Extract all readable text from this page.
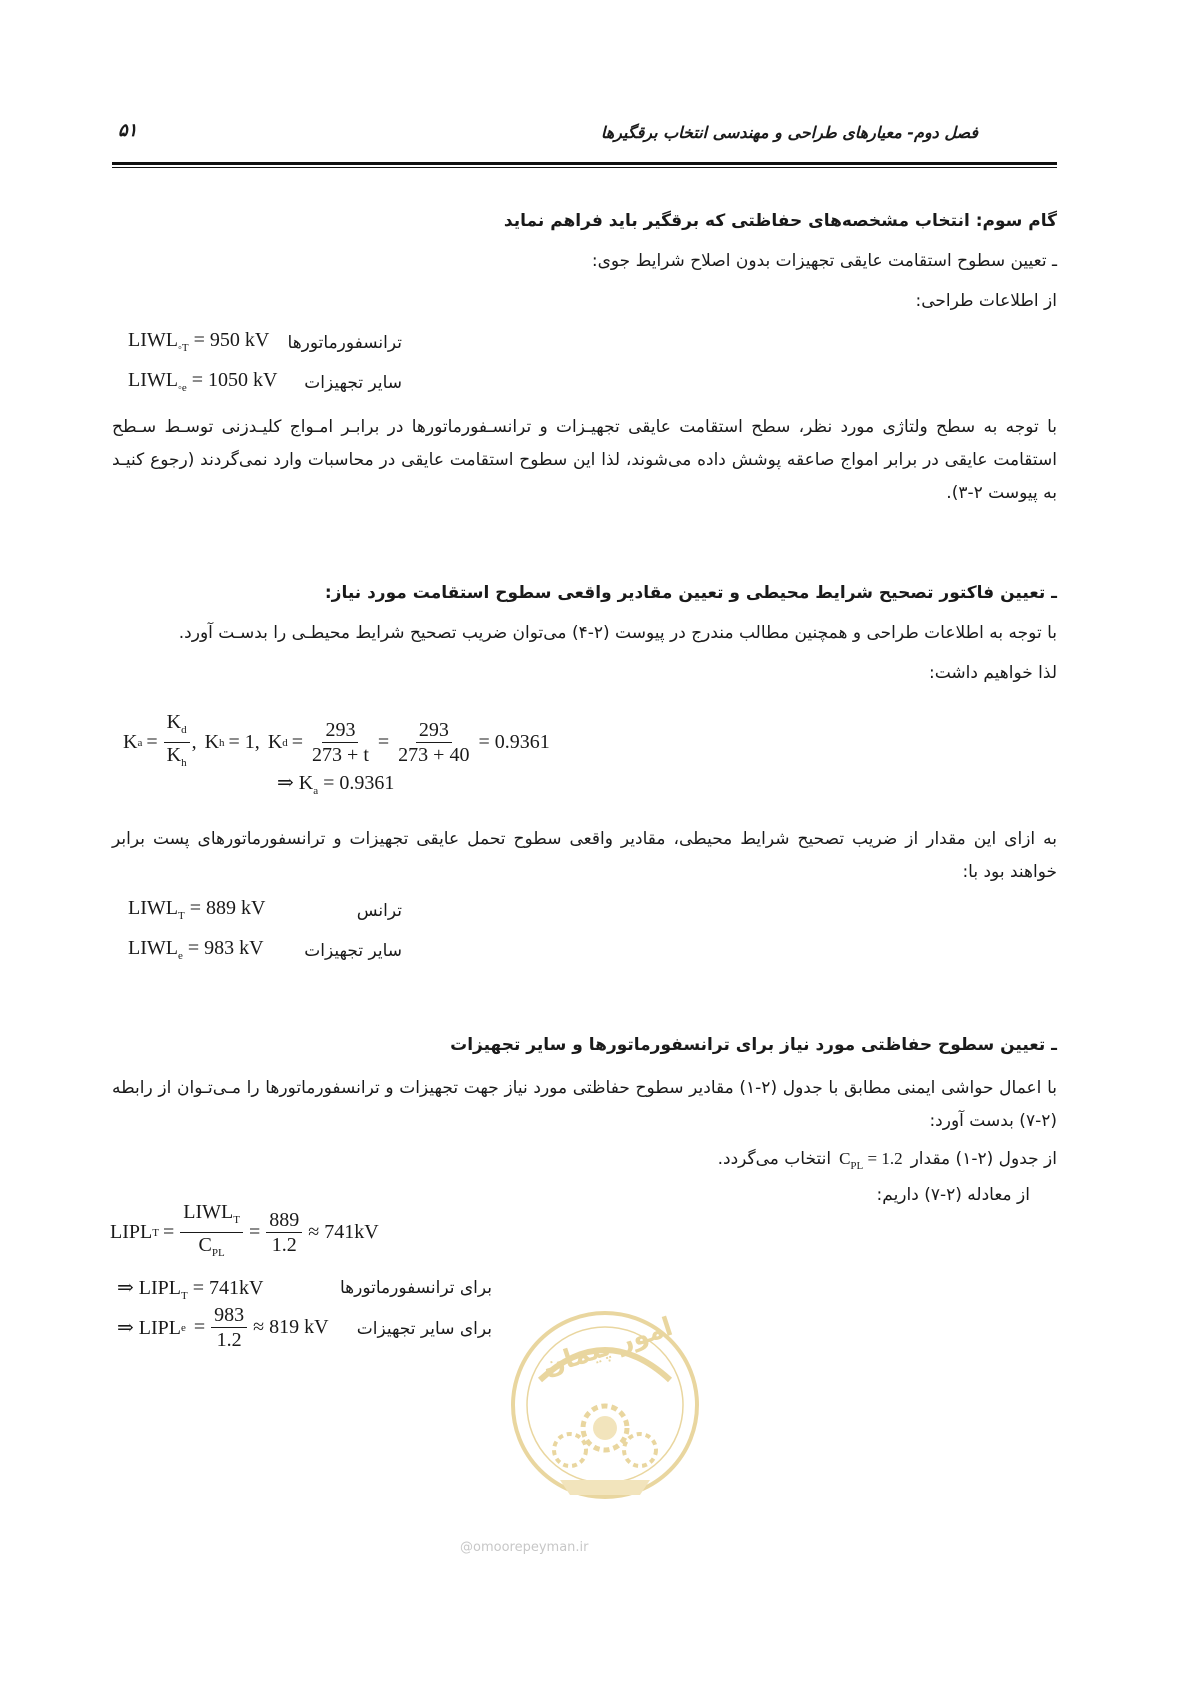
فصل دوم- معیارهای طراحی و مهندسی انتخاب برقگیرها
۵۱
گام سوم: انتخاب مشخصه‌های حفاظتی که برقگیر باید فراهم نماید
ـ تعیین سطوح استقامت عایقی تجهیزات بدون اصلاح شرایط جوی:
از اطلاعات طراحی:
ترانسفورماتورها
$LIWL_{◦T} = 950$ kV
سایر تجهیزات
$LIWL_{◦e} = 1050$ kV
با توجه به سطح ولتاژی مورد نظر، سطح استقامت عایقی تجهیـزات و ترانسـفورماتورها در برابـر امـواج کلیـدزنی توسـط سـطح استقامت عایقی در برابر امواج صاعقه پوشش داده می‌شوند، لذا این سطوح استقامت عایقی در محاسبات وارد نمی‌گردند (رجوع کنیـد به پیوست ۲-۳).
ـ تعیین فاکتور تصحیح شرایط محیطی و تعیین مقادیر واقعی سطوح استقامت مورد نیاز:
با توجه به اطلاعات طراحی و همچنین مطالب مندرج در پیوست (۲-۴) می‌توان ضریب تصحیح شرایط محیطـی را بدسـت آورد.
لذا خواهیم داشت:
K $a = \frac{K_d}{K_h}$ , K h = 1, K $d = \frac{293}{273 + t} = \frac{293}{273 + 40} = 0.9361$
⇒ $K_a = 0.9361$
به ازای این مقدار از ضریب تصحیح شرایط محیطی، مقادیر واقعی سطوح تحمل عایقی تجهیزات و ترانسفورماتورهای پست برابر خواهند بود با:
ترانس
$LIWL_T = 889$ kV
سایر تجهیزات
$LIWL_e = 983$ kV
ـ تعیین سطوح حفاظتی مورد نیاز برای ترانسفورماتورها و سایر تجهیزات
با اعمال حواشی ایمنی مطابق با جدول (۲-۱) مقادیر سطوح حفاظتی مورد نیاز جهت تجهیزات و ترانسفورماتورها را مـی‌تـوان از رابطه (۲-۷) بدست آورد:
از جدول (۲-۱) مقدار
$C_{PL} = 1.2$
انتخاب می‌گردد.
از معادله (۲-۷) داریم:
LIPL $T = \frac{LIWL_T}{C_{PL}} = \frac{889}{1.2} \approx 741kV$
⇒ $LIPL_T = 741kV$	برای ترانسفورماتورها
⇒ LIPL $e = \frac{983}{1.2} \approx 819$ kV	برای سایر تجهیزات امور پیمان
@omoorepeyman.ir
